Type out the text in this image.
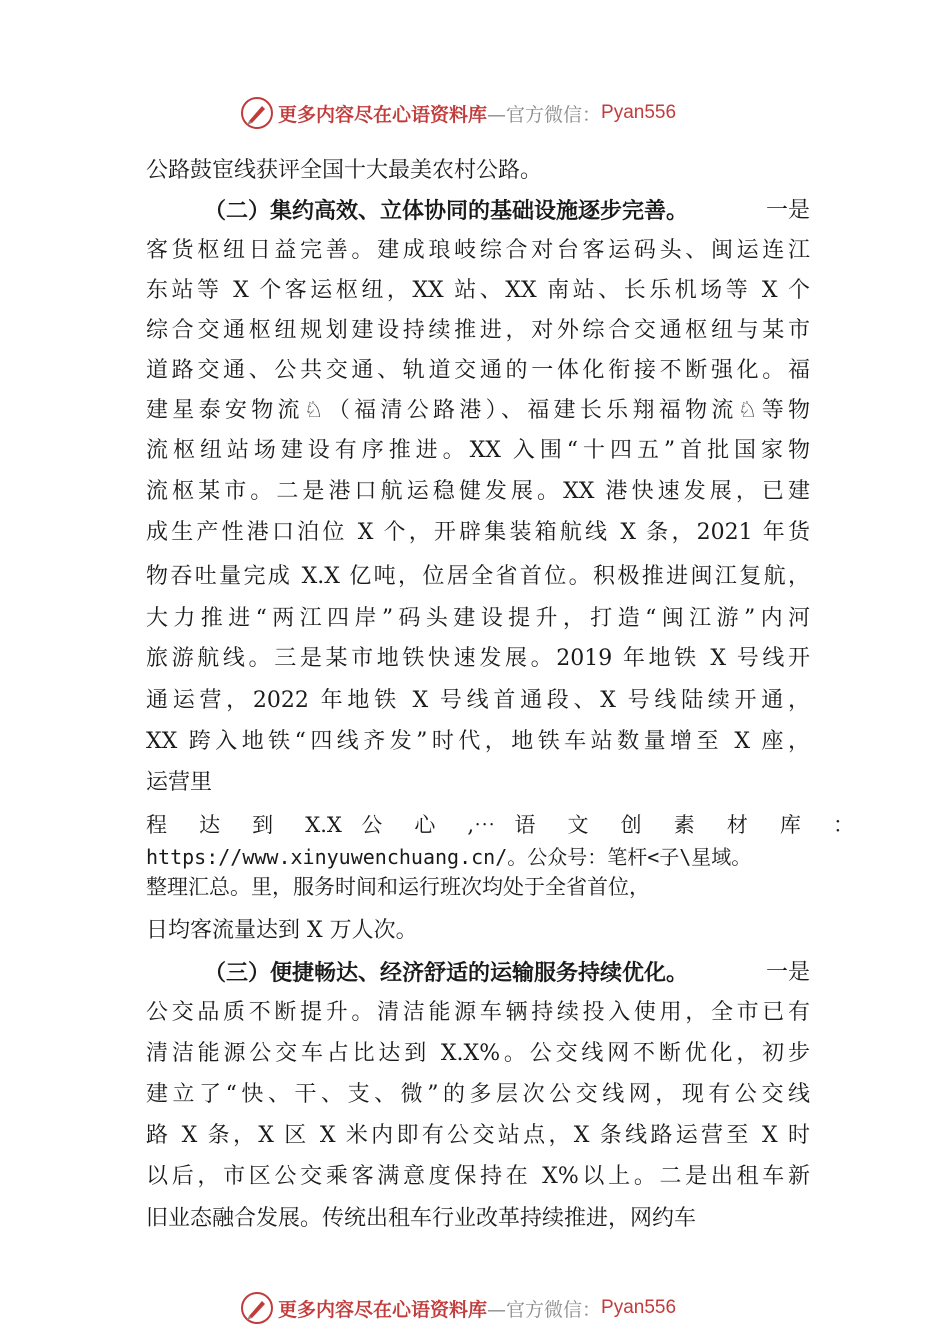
更多内容尽在心语资料库 —官方微信： Pyan556
公路鼓宦线获评全国十大最美农村公路。
（二）集约高效、立体协同的基础设施逐步完善。	一是
客货枢纽日益完善。建成琅岐综合对台客运码头、闽运连江
东站等 X 个客运枢纽，XX 站、XX 南站、长乐机场等 X 个
综合交通枢纽规划建设持续推进，对外综合交通枢纽与某市
道路交通、公共交通、轨道交通的一体化衔接不断强化。福
建星泰安物流♘（福清公路港）、福建长乐翔福物流♘等物
流枢纽站场建设有序推进。XX 入围“十四五”首批国家物
流枢某市。二是港口航运稳健发展。XX 港快速发展，已建
成生产性港口泊位 X 个，开辟集装箱航线 X 条，2021 年货
物吞吐量完成 X.X 亿吨，位居全省首位。积极推进闽江复航，
大力推进“两江四岸”码头建设提升，打造“闽江游”内河
旅游航线。三是某市地铁快速发展。2019 年地铁 X 号线开
通运营，2022 年地铁 X 号线首通段、X 号线陆续开通，
XX 跨入地铁“四线齐发”时代，地铁车站数量增至 X 座，
运营里
程 达 到 X.X 公 心 ,⋯ 语 文 创 素 材 库 ：
https://www.xinyuwenchuang.cn/。公众号：笔杆<子\星域。
整理汇总。里，服务时间和运行班次均处于全省首位，
日均客流量达到 X 万人次。
（三）便捷畅达、经济舒适的运输服务持续优化。	一是
公交品质不断提升。清洁能源车辆持续投入使用，全市已有
清洁能源公交车占比达到 X.X%。公交线网不断优化，初步
建立了“快、干、支、微”的多层次公交线网，现有公交线
路 X 条，X 区 X 米内即有公交站点，X 条线路运营至 X 时
以后，市区公交乘客满意度保持在 X%以上。二是出租车新
旧业态融合发展。传统出租车行业改革持续推进，网约车
更多内容尽在心语资料库 —官方微信： Pyan556
